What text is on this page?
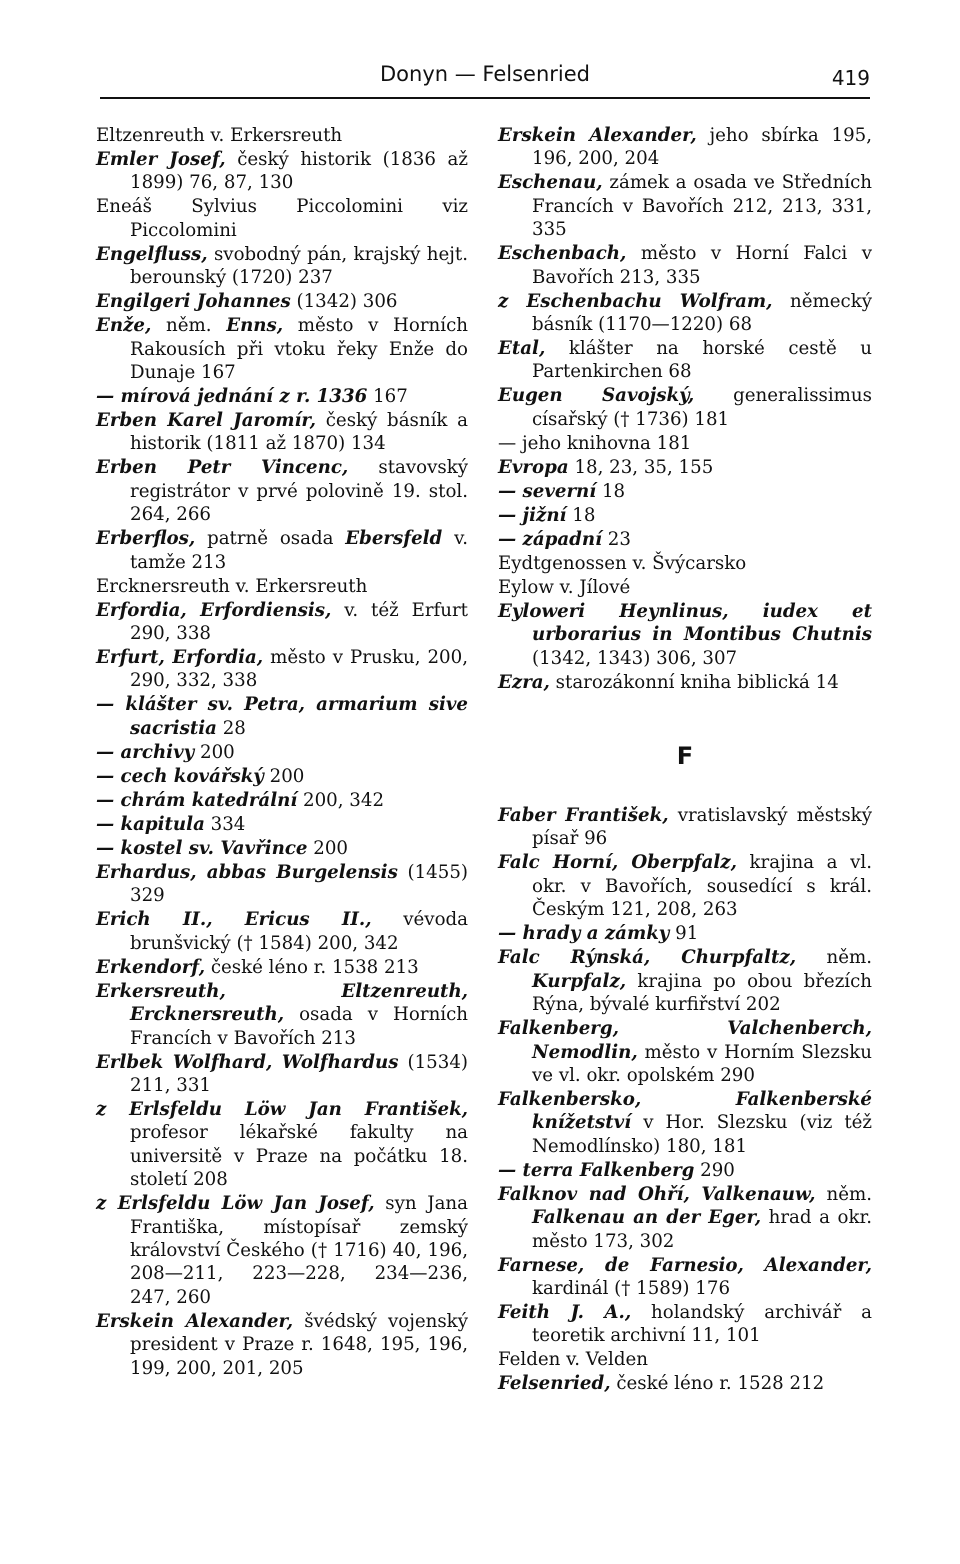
Donyn — Felsenried	419
Eltzenreuth v. Erkersreuth
Emler Josef, český historik (1836 až 1899) 76, 87, 130
Eneáš Sylvius Piccolomini viz Piccolomini
Engelfluss, svobodný pán, krajský hejt. berounský (1720) 237
Engilgeri Johannes (1342) 306
Enže, něm. Enns, město v Horních Rakousích při vtoku řeky Enže do Dunaje 167
— mírová jednání z r. 1336 167
Erben Karel Jaromír, český básník a historik (1811 až 1870) 134
Erben Petr Vincenc, stavovský registrátor v prvé polovině 19. stol. 264, 266
Erberflos, patrně osada Ebersfeld v. tamže 213
Ercknersreuth v. Erkersreuth
Erfordia, Erfordiensis, v. též Erfurt 290, 338
Erfurt, Erfordia, město v Prusku, 200, 290, 332, 338
— klášter sv. Petra, armarium sive sacristia 28
— archivy 200
— cech kovářský 200
— chrám katedrální 200, 342
— kapitula 334
— kostel sv. Vavřince 200
Erhardus, abbas Burgelensis (1455) 329
Erich II., Ericus II., vévoda brunšvický († 1584) 200, 342
Erkendorf, české léno r. 1538 213
Erkersreuth, Eltzenreuth, Ercknersreuth, osada v Horních Francích v Bavořích 213
Erlbek Wolfhard, Wolfhardus (1534) 211, 331
z Erlsfeldu Löw Jan František, profesor lékařské fakulty na universitě v Praze na počátku 18. století 208
z Erlsfeldu Löw Jan Josef, syn Jana Františka, místopísař zemský království Českého († 1716) 40, 196, 208—211, 223—228, 234—236, 247, 260
Erskein Alexander, švédský vojenský president v Praze r. 1648, 195, 196, 199, 200, 201, 205
Erskein Alexander, jeho sbírka 195, 196, 200, 204
Eschenau, zámek a osada ve Středních Francích v Bavořích 212, 213, 331, 335
Eschenbach, město v Horní Falci v Bavořích 213, 335
z Eschenbachu Wolfram, německý básník (1170—1220) 68
Etal, klášter na horské cestě u Partenkirchen 68
Eugen Savojský, generalissimus císařský († 1736) 181
— jeho knihovna 181
Evropa 18, 23, 35, 155
— severní 18
— jižní 18
— západní 23
Eydtgenossen v. Švýcarsko
Eylow v. Jílové
Eyloweri Heynlinus, iudex et urborarius in Montibus Chutnis (1342, 1343) 306, 307
Ezra, starozákonní kniha biblická 14
F
Faber František, vratislavský městský písař 96
Falc Horní, Oberpfalz, krajina a vl. okr. v Bavořích, sousedící s král. Českým 121, 208, 263
— hrady a zámky 91
Falc Rýnská, Churpfaltz, něm. Kurpfalz, krajina po obou březích Rýna, bývalé kurfiřství 202
Falkenberg, Valchenberch, Nemodlin, město v Horním Slezsku ve vl. okr. opolském 290
Falkenbersko, Falkenberské knížetství v Hor. Slezsku (viz též Nemodlínsko) 180, 181
— terra Falkenberg 290
Falknov nad Ohří, Valkenauw, něm. Falkenau an der Eger, hrad a okr. město 173, 302
Farnese, de Farnesio, Alexander, kardinál († 1589) 176
Feith J. A., holandský archivář a teoretik archivní 11, 101
Felden v. Velden
Felsenried, české léno r. 1528 212
